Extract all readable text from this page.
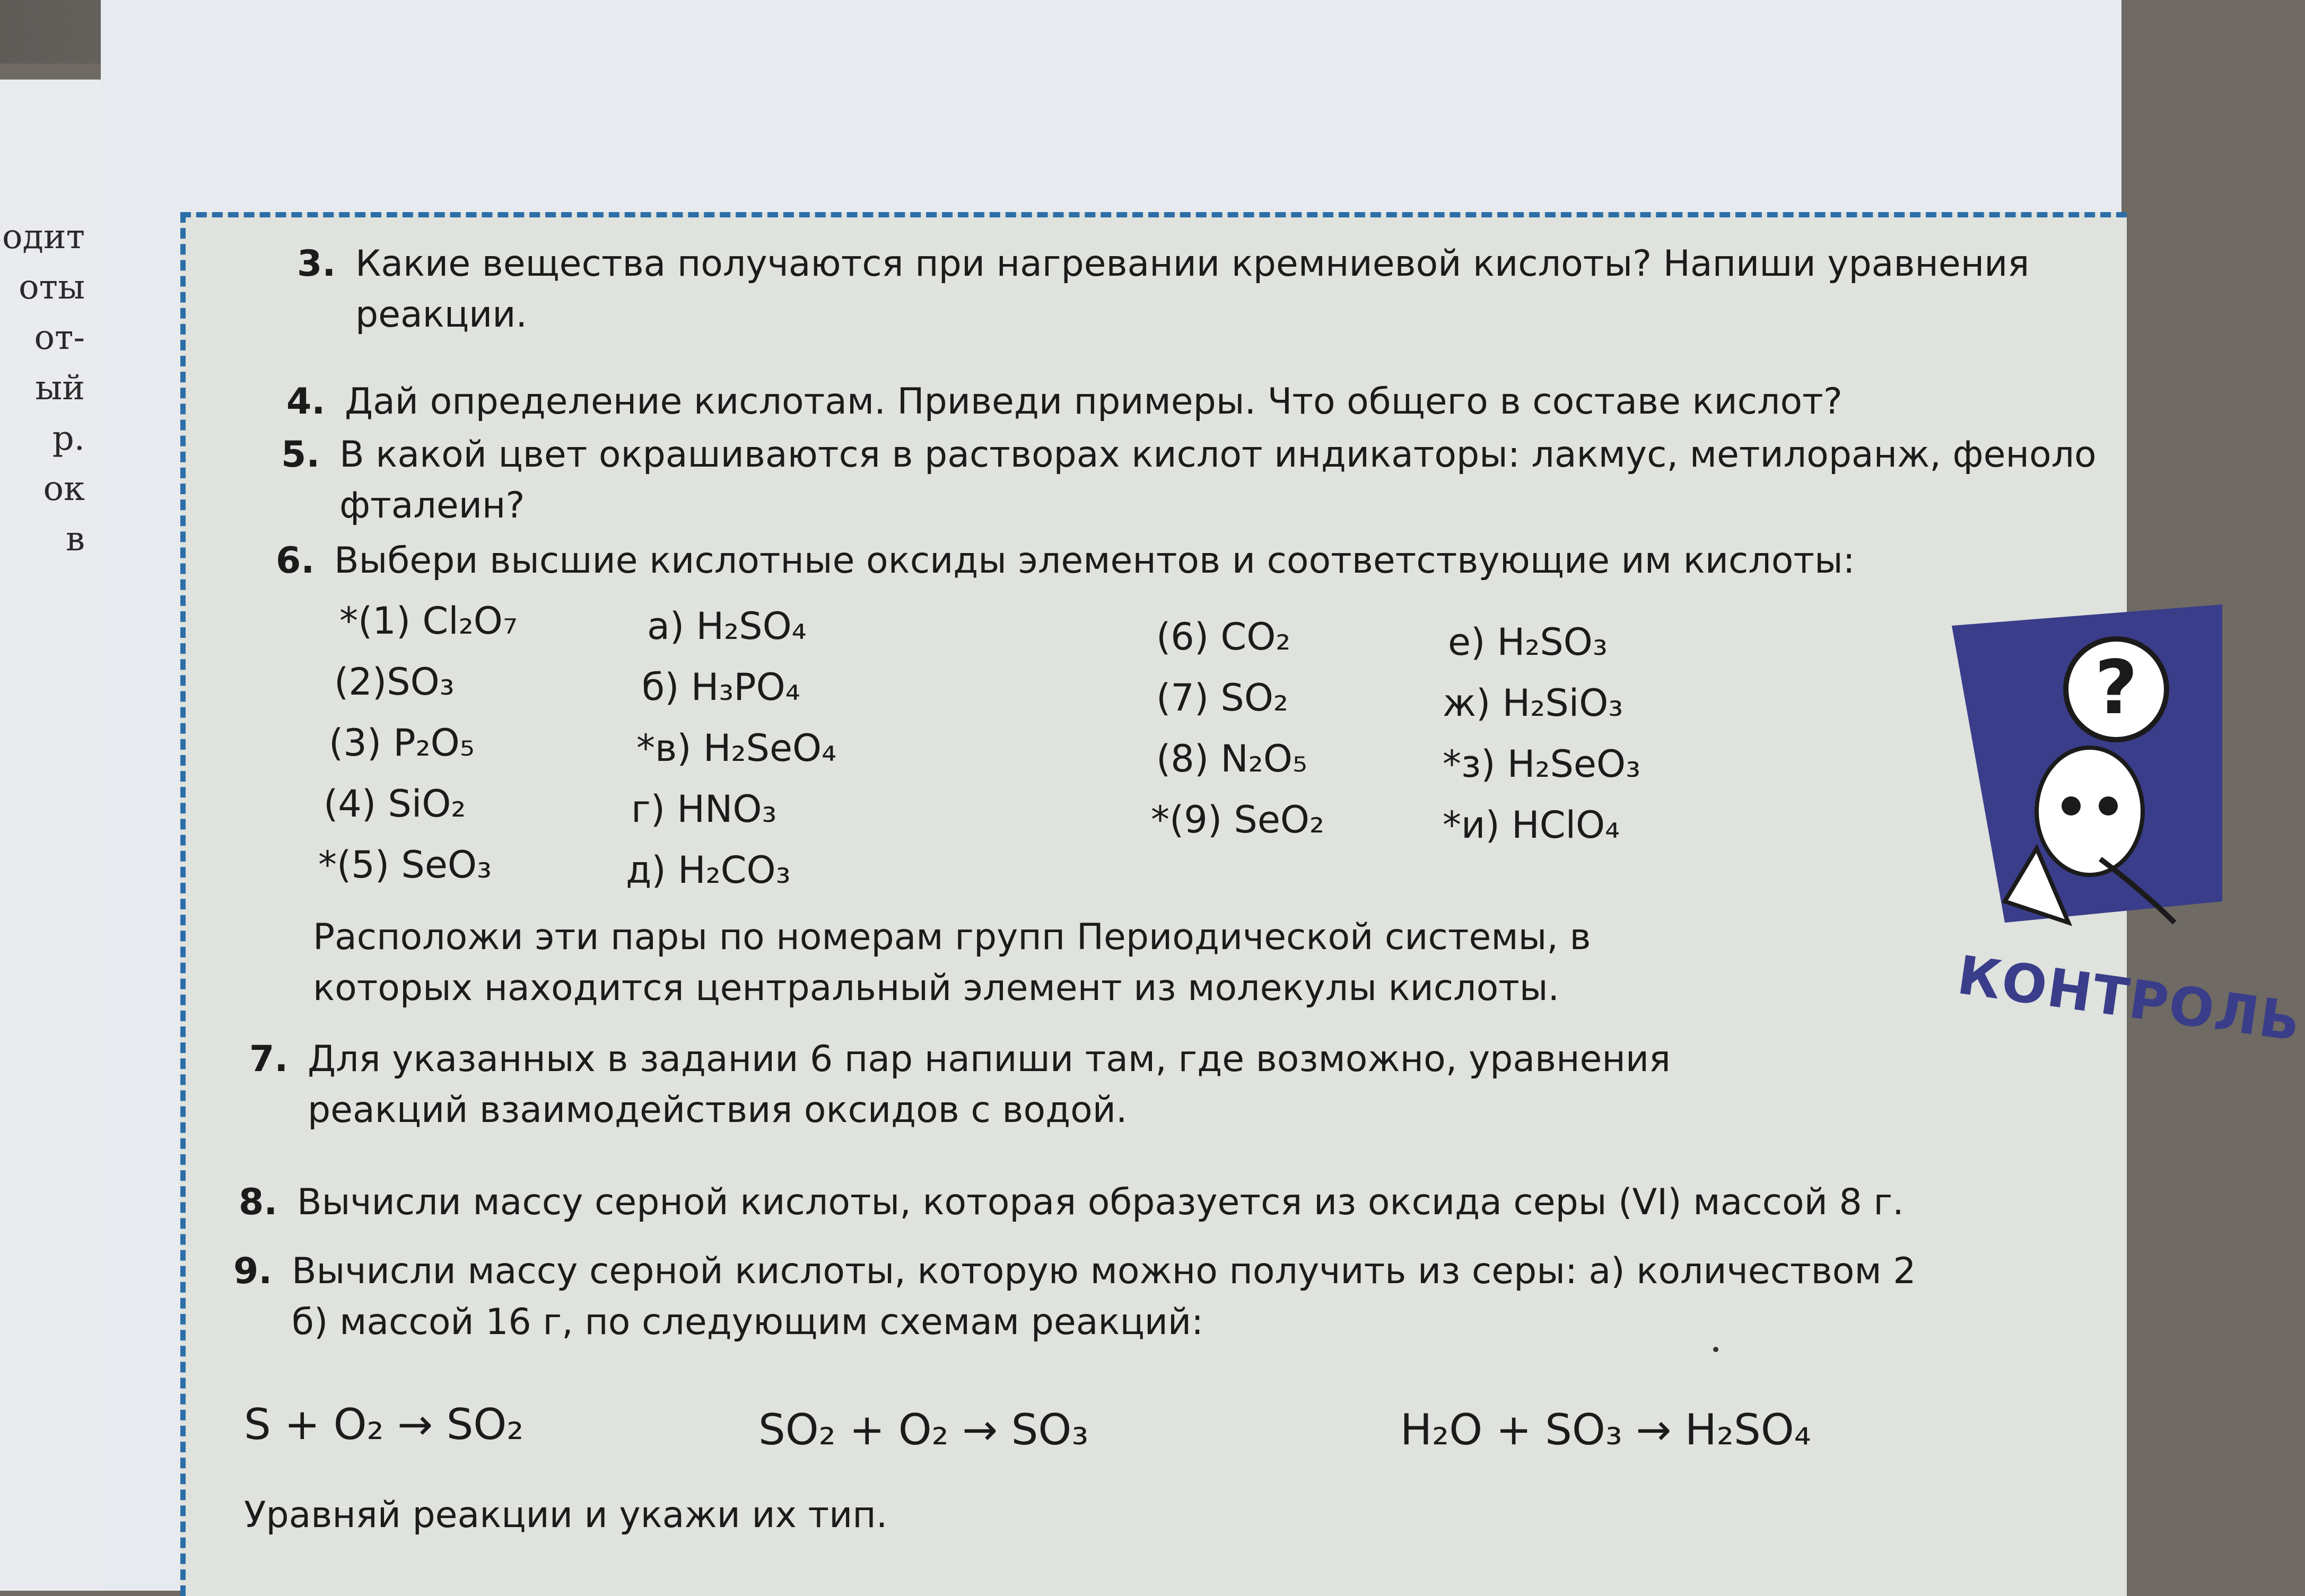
одит
оты
от-
ый
р.
ок
в
3. Какие вещества получаются при нагревании кремниевой кислоты? Напиши уравнения
реакции.
4. Дай определение кислотам. Приведи примеры. Что общего в составе кислот?
5. В какой цвет окрашиваются в растворах кислот индикаторы: лакмус, метилоранж, феноло
фталеин?
6. Выбери высшие кислотные оксиды элементов и соответствующие им кислоты:
*(1) Cl₂O₇
(2)SO₃
(3) P₂O₅
(4) SiO₂
*(5) SeO₃
а) H₂SO₄
б) H₃PO₄
*в) H₂SeO₄
г) HNO₃
д) H₂CO₃
(6) CO₂
(7) SO₂
(8) N₂O₅
*(9) SeO₂
е) H₂SO₃
ж) H₂SiO₃
*з) H₂SeO₃
*и) HClO₄
Расположи эти пары по номерам групп Периодической системы, в
которых находится центральный элемент из молекулы кислоты.
7. Для указанных в задании 6 пар напиши там, где возможно, уравнения
реакций взаимодействия оксидов с водой.
8. Вычисли массу серной кислоты, которая образуется из оксида серы (VI) массой 8 г.
9. Вычисли массу серной кислоты, которую можно получить из серы: а) количеством 2
б) массой 16 г, по следующим схемам реакций:
S + O₂ → SO₂	SO₂ + O₂ → SO₃	H₂O + SO₃ → H₂SO₄
Уравняй реакции и укажи их тип.
?
КОНТРОЛЬ
